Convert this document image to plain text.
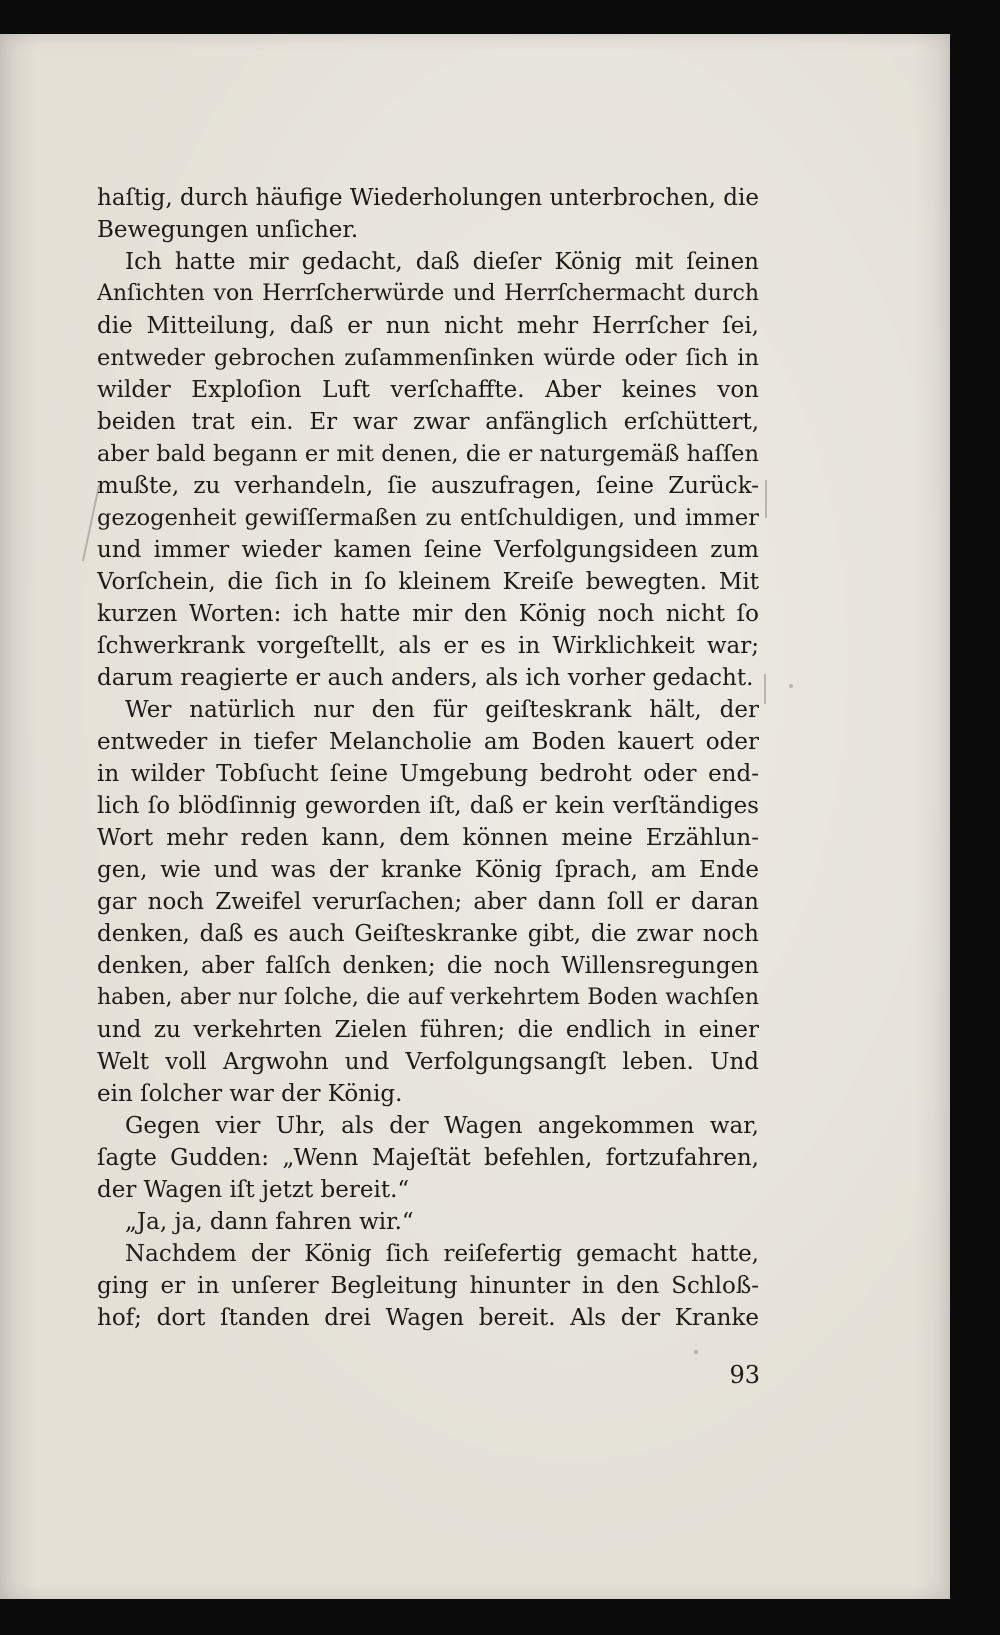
haſtig, durch häufige Wiederholungen unterbrochen, die
Bewegungen unſicher.
Ich hatte mir gedacht, daß dieſer König mit ſeinen
Anſichten von Herrſcherwürde und Herrſchermacht durch
die Mitteilung, daß er nun nicht mehr Herrſcher ſei,
entweder gebrochen zuſammenſinken würde oder ſich in
wilder Exploſion Luft verſchaffte. Aber keines von
beiden trat ein. Er war zwar anfänglich erſchüttert,
aber bald begann er mit denen, die er naturgemäß haſſen
mußte, zu verhandeln, ſie auszufragen, ſeine Zurück-
gezogenheit gewiſſermaßen zu entſchuldigen, und immer
und immer wieder kamen ſeine Verfolgungsideen zum
Vorſchein, die ſich in ſo kleinem Kreiſe bewegten. Mit
kurzen Worten: ich hatte mir den König noch nicht ſo
ſchwerkrank vorgeſtellt, als er es in Wirklichkeit war;
darum reagierte er auch anders, als ich vorher gedacht.
Wer natürlich nur den für geiſteskrank hält, der
entweder in tiefer Melancholie am Boden kauert oder
in wilder Tobſucht ſeine Umgebung bedroht oder end-
lich ſo blödſinnig geworden iſt, daß er kein verſtändiges
Wort mehr reden kann, dem können meine Erzählun-
gen, wie und was der kranke König ſprach, am Ende
gar noch Zweifel verurſachen; aber dann ſoll er daran
denken, daß es auch Geiſteskranke gibt, die zwar noch
denken, aber falſch denken; die noch Willensregungen
haben, aber nur ſolche, die auf verkehrtem Boden wachſen
und zu verkehrten Zielen führen; die endlich in einer
Welt voll Argwohn und Verfolgungsangſt leben. Und
ein ſolcher war der König.
Gegen vier Uhr, als der Wagen angekommen war,
ſagte Gudden: „Wenn Majeſtät befehlen, fortzufahren,
der Wagen iſt jetzt bereit.“
„Ja, ja, dann fahren wir.“
Nachdem der König ſich reiſefertig gemacht hatte,
ging er in unſerer Begleitung hinunter in den Schloß-
hof; dort ſtanden drei Wagen bereit. Als der Kranke
93
